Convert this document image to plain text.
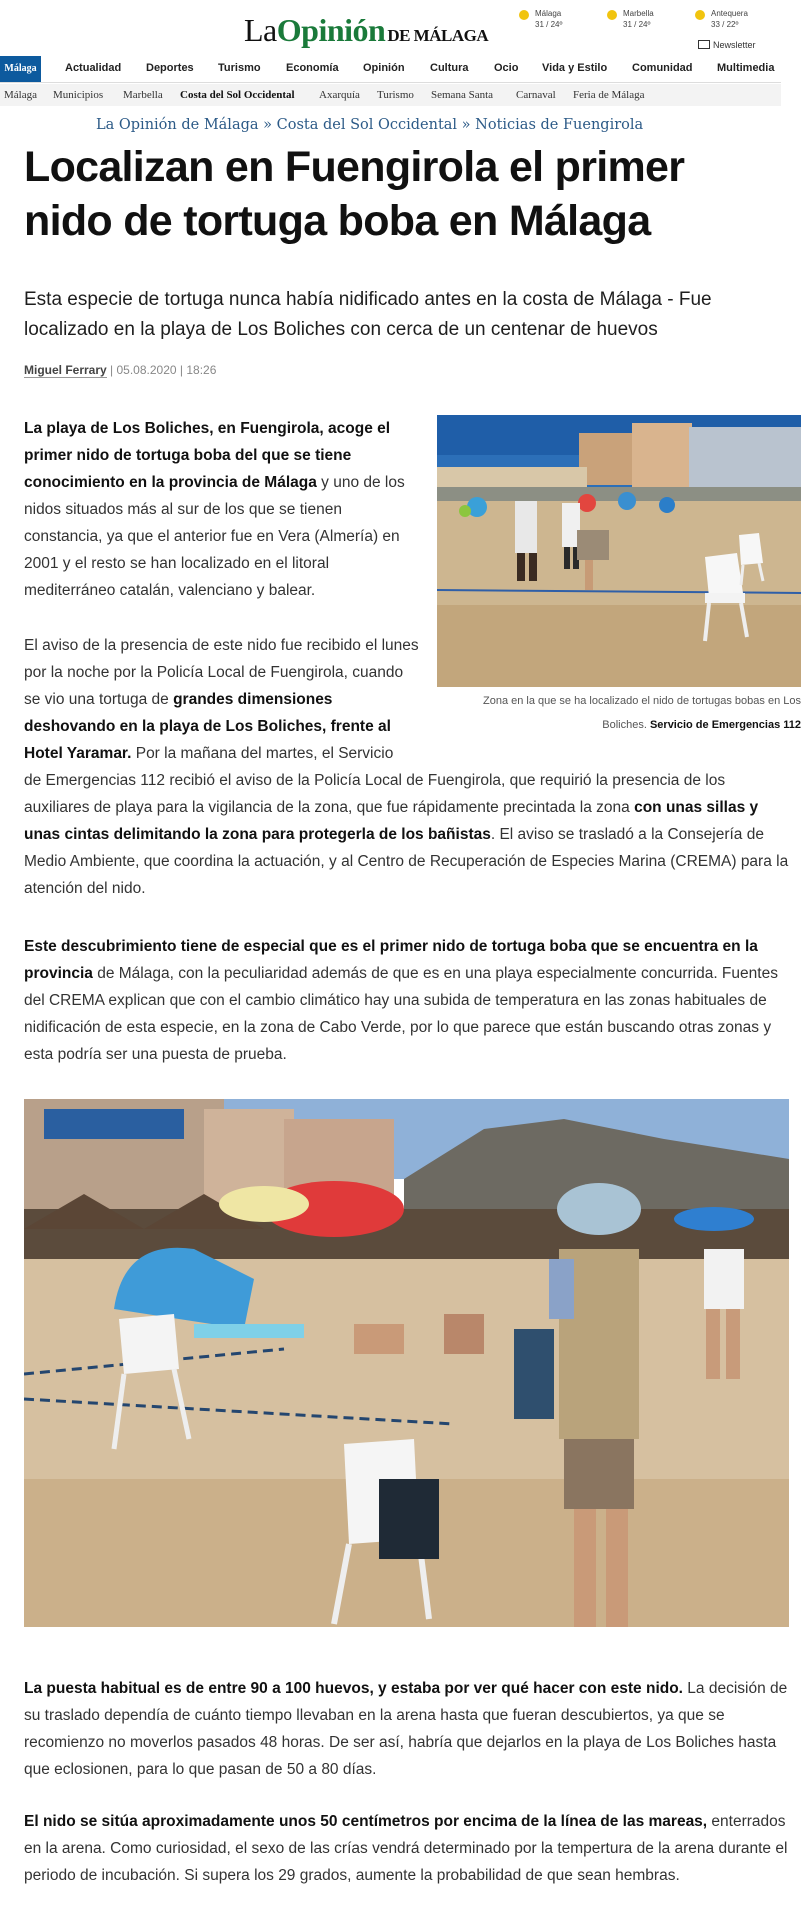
LaOpinión DE MÁLAGA
Málaga
31 / 24º
Marbella
31 / 24º
Antequera
33 / 22º
Newsletter
Málaga	Actualidad Deportes Turismo Economía Opinión Cultura Ocio Vida y Estilo Comunidad Multimedia
Málaga Municipios Marbella Costa del Sol Occidental Axarquía Turismo Semana Santa Carnaval Feria de Málaga
La Opinión de Málaga » Costa del Sol Occidental » Noticias de Fuengirola
Localizan en Fuengirola el primer nido de tortuga boba en Málaga
Esta especie de tortuga nunca había nidificado antes en la costa de Málaga - Fue localizado en la playa de Los Boliches con cerca de un centenar de huevos
Miguel Ferrary | 05.08.2020 | 18:26
La playa de Los Boliches, en Fuengirola, acoge el primer nido de tortuga boba del que se tiene conocimiento en la provincia de Málaga y uno de los nidos situados más al sur de los que se tienen constancia, ya que el anterior fue en Vera (Almería) en 2001 y el resto se han localizado en el litoral mediterráneo catalán, valenciano y balear.
Zona en la que se ha localizado el nido de tortugas bobas en Los Boliches. Servicio de Emergencias 112
El aviso de la presencia de este nido fue recibido el lunes por la noche por la Policía Local de Fuengirola, cuando se vio una tortuga de grandes dimensiones deshovando en la playa de Los Boliches, frente al Hotel Yaramar. Por la mañana del martes, el Servicio
de Emergencias 112 recibió el aviso de la Policía Local de Fuengirola, que requirió la presencia de los auxiliares de playa para la vigilancia de la zona, que fue rápidamente precintada la zona con unas sillas y unas cintas delimitando la zona para protegerla de los bañistas. El aviso se trasladó a la Consejería de Medio Ambiente, que coordina la actuación, y al Centro de Recuperación de Especies Marina (CREMA) para la atención del nido.
Este descubrimiento tiene de especial que es el primer nido de tortuga boba que se encuentra en la provincia de Málaga, con la peculiaridad además de que es en una playa especialmente concurrida. Fuentes del CREMA explican que con el cambio climático hay una subida de temperatura en las zonas habituales de nidificación de esta especie, en la zona de Cabo Verde, por lo que parece que están buscando otras zonas y esta podría ser una puesta de prueba.
La puesta habitual es de entre 90 a 100 huevos, y estaba por ver qué hacer con este nido. La decisión de su traslado dependía de cuánto tiempo llevaban en la arena hasta que fueran descubiertos, ya que se recomienzo no moverlos pasados 48 horas. De ser así, habría que dejarlos en la playa de Los Boliches hasta que eclosionen, para lo que pasan de 50 a 80 días.
El nido se sitúa aproximadamente unos 50 centímetros por encima de la línea de las mareas, enterrados en la arena. Como curiosidad, el sexo de las crías vendrá determinado por la tempertura de la arena durante el periodo de incubación. Si supera los 29 grados, aumente la probabilidad de que sean hembras.
